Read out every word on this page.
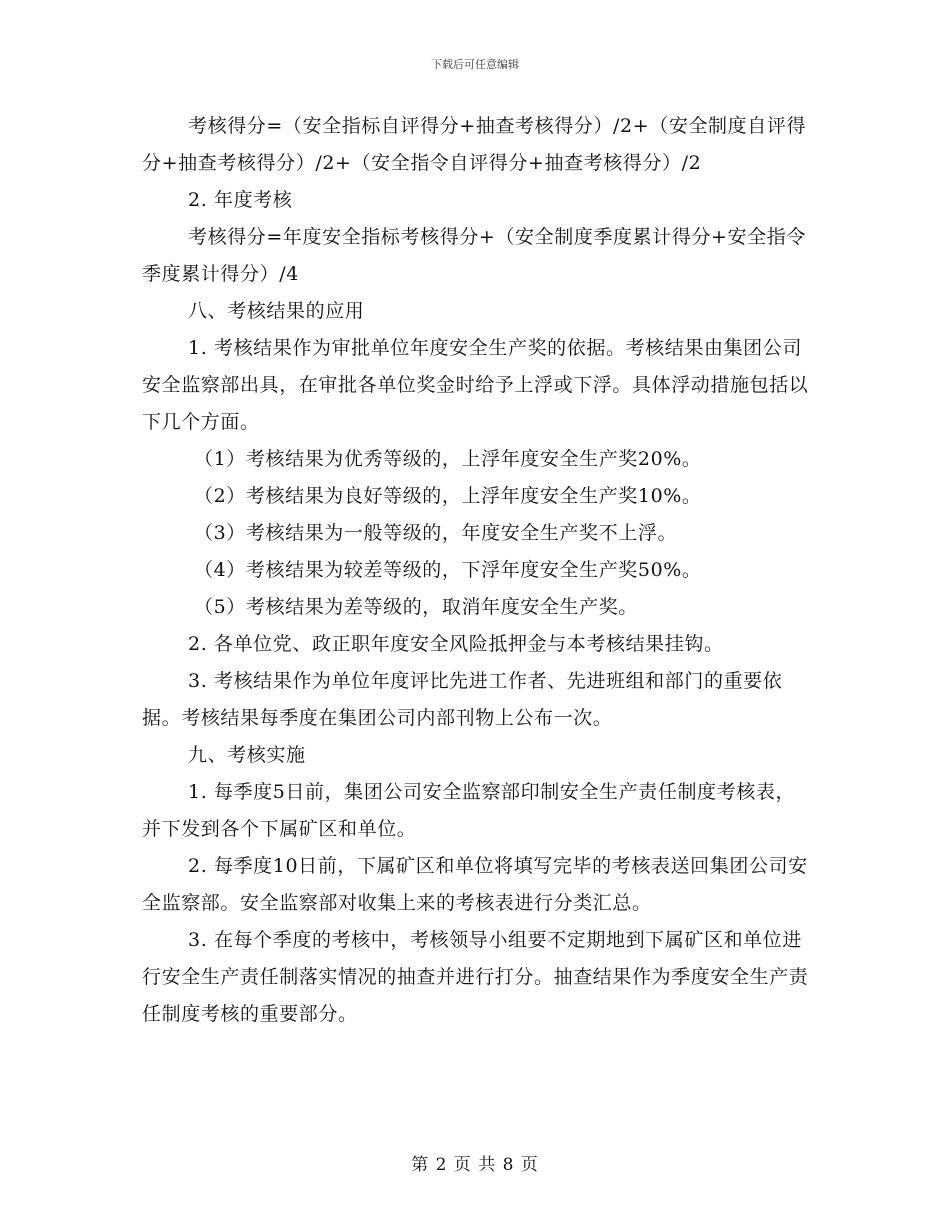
下载后可任意编辑

考核得分=（安全指标自评得分+抽查考核得分）/2+（安全制度自评得分+抽查考核得分）/2+（安全指令自评得分+抽查考核得分）/2

2. 年度考核

考核得分=年度安全指标考核得分+（安全制度季度累计得分+安全指令季度累计得分）/4

八、考核结果的应用

1. 考核结果作为审批单位年度安全生产奖的依据。考核结果由集团公司安全监察部出具，在审批各单位奖金时给予上浮或下浮。具体浮动措施包括以下几个方面。

（1）考核结果为优秀等级的，上浮年度安全生产奖20%。

（2）考核结果为良好等级的，上浮年度安全生产奖10%。

（3）考核结果为一般等级的，年度安全生产奖不上浮。

（4）考核结果为较差等级的，下浮年度安全生产奖50%。

（5）考核结果为差等级的，取消年度安全生产奖。

2. 各单位党、政正职年度安全风险抵押金与本考核结果挂钩。

3. 考核结果作为单位年度评比先进工作者、先进班组和部门的重要依据。考核结果每季度在集团公司内部刊物上公布一次。

九、考核实施

1. 每季度5日前，集团公司安全监察部印制安全生产责任制度考核表，并下发到各个下属矿区和单位。

2. 每季度10日前，下属矿区和单位将填写完毕的考核表送回集团公司安全监察部。安全监察部对收集上来的考核表进行分类汇总。

3. 在每个季度的考核中，考核领导小组要不定期地到下属矿区和单位进行安全生产责任制落实情况的抽查并进行打分。抽查结果作为季度安全生产责任制度考核的重要部分。

第 2 页 共 8 页
